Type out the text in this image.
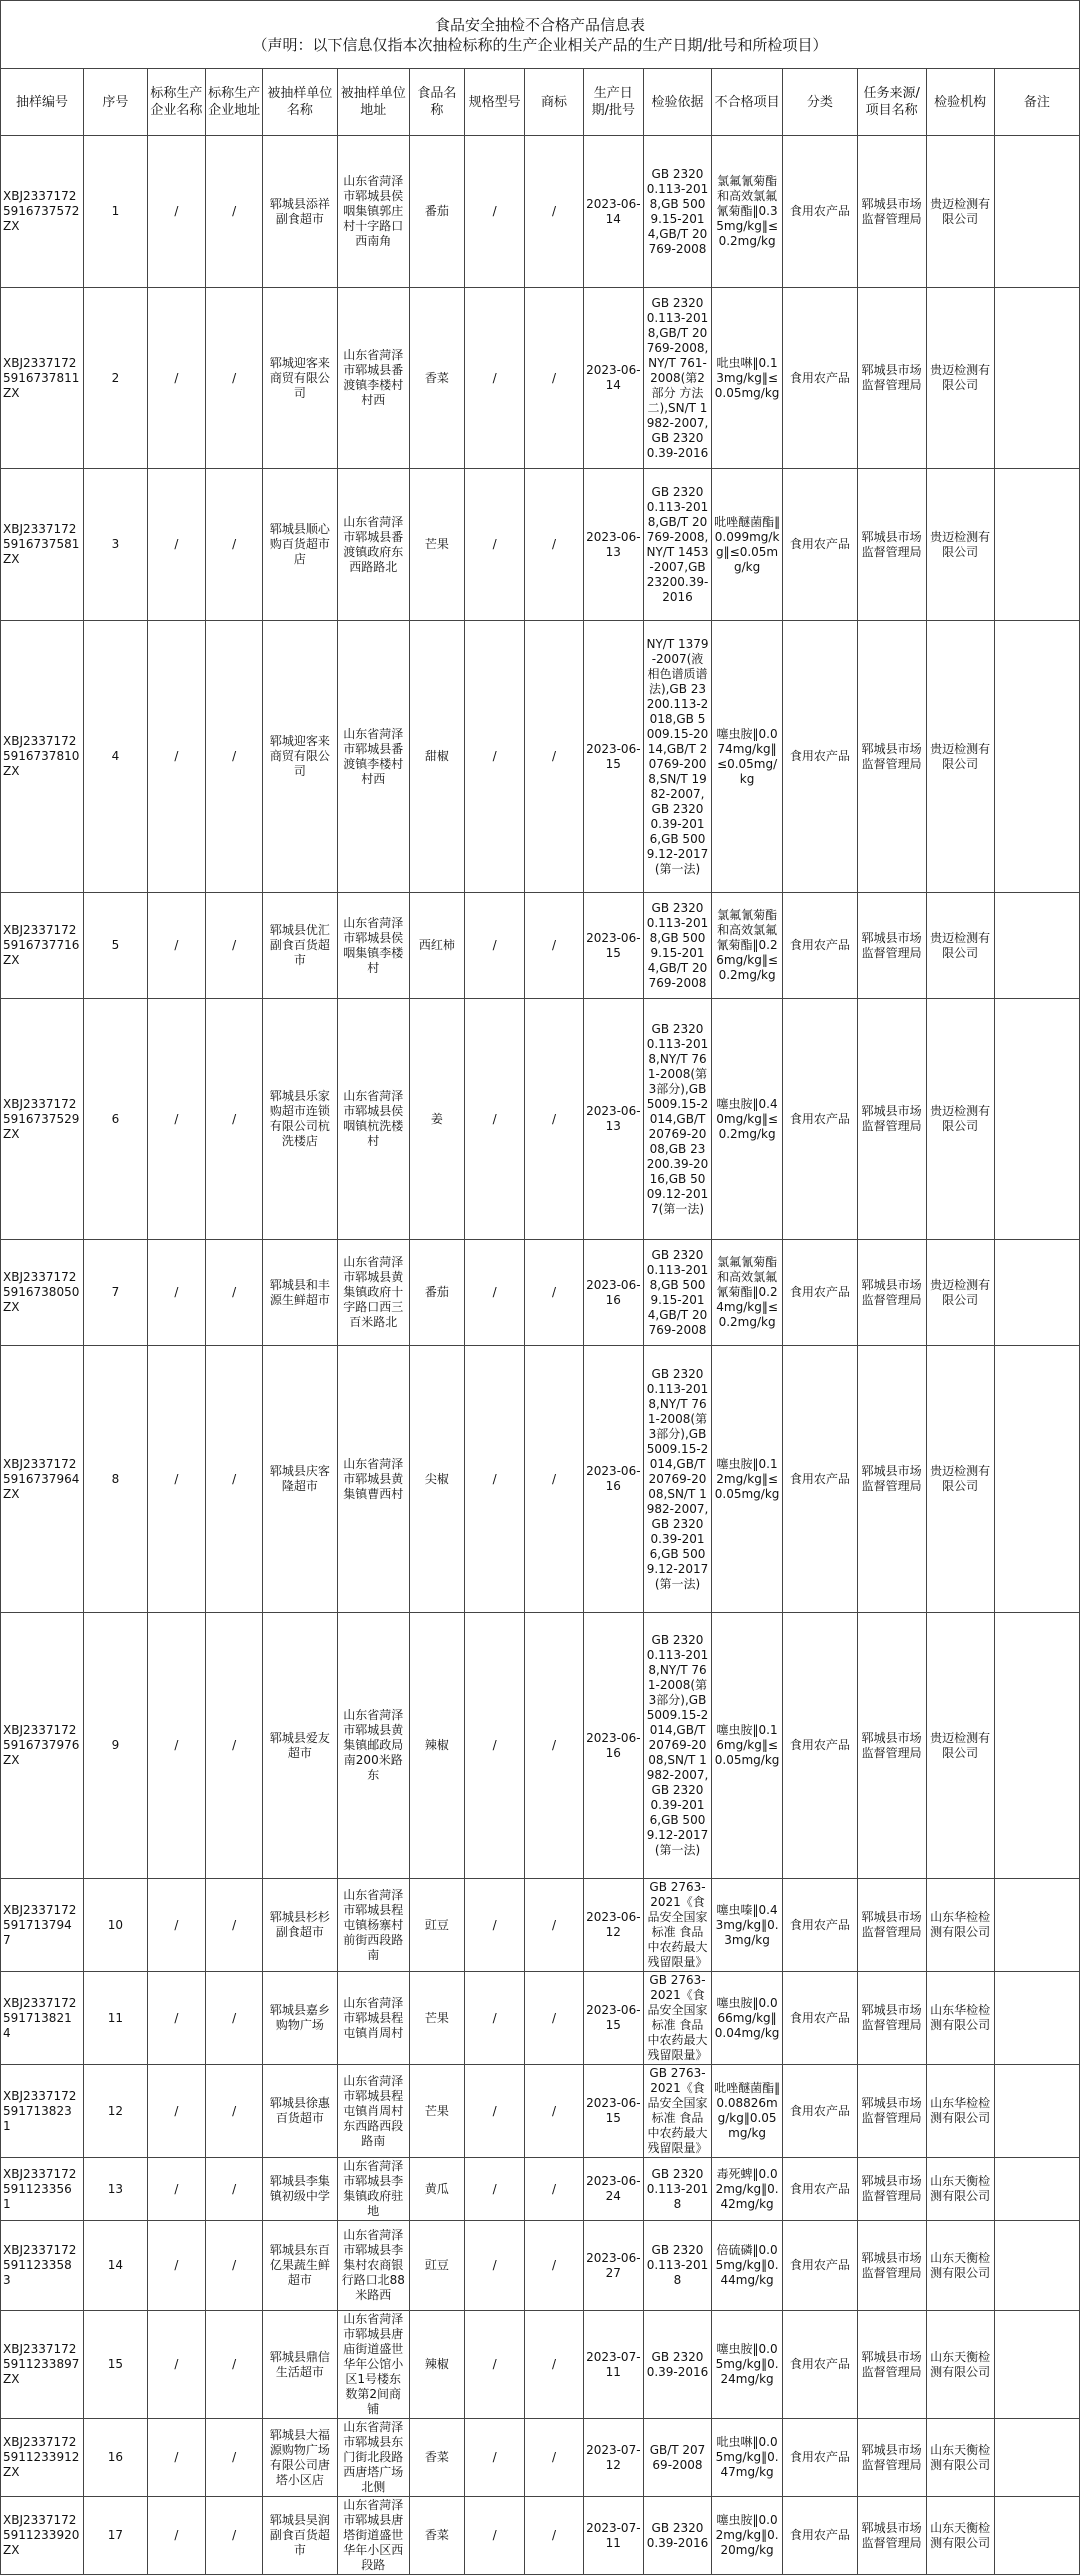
食品安全抽检不合格产品信息表
（声明：以下信息仅指本次抽检标称的生产企业相关产品的生产日期/批号和所检项目）
抽样编号	序号	标称生产企业名称	标称生产企业地址	被抽样单位名称	被抽样单位地址	食品名称	规格型号	商标	生产日期/批号	检验依据	不合格项目	分类	任务来源/项目名称	检验机构	备注
XBJ23371725916737572ZX	1	/	/	郓城县添祥副食超市	山东省菏泽市郓城县侯咽集镇郭庄村十字路口西南角	番茄	/	/	2023-06-14	GB 23200.113-2018,GB 5009.15-2014,GB/T 20769-2008	氯氟氰菊酯和高效氯氟氰菊酯‖0.35mg/kg‖≤0.2mg/kg	食用农产品	郓城县市场监督管理局	贵迈检测有限公司	
XBJ23371725916737811ZX	2	/	/	郓城迎客来商贸有限公司	山东省菏泽市郓城县番渡镇李楼村村西	香菜	/	/	2023-06-14	GB 23200.113-2018,GB/T 20769-2008,NY/T 761-2008(第2部分 方法二),SN/T 1982-2007,GB 23200.39-2016	吡虫啉‖0.13mg/kg‖≤0.05mg/kg	食用农产品	郓城县市场监督管理局	贵迈检测有限公司	
XBJ23371725916737581ZX	3	/	/	郓城县顺心购百货超市店	山东省菏泽市郓城县番渡镇政府东西路路北	芒果	/	/	2023-06-13	GB 23200.113-2018,GB/T 20769-2008,NY/T 1453-2007,GB 23200.39-2016	吡唑醚菌酯‖0.099mg/kg‖≤0.05mg/kg	食用农产品	郓城县市场监督管理局	贵迈检测有限公司	
XBJ23371725916737810ZX	4	/	/	郓城迎客来商贸有限公司	山东省菏泽市郓城县番渡镇李楼村村西	甜椒	/	/	2023-06-15	NY/T 1379-2007(液相色谱质谱法),GB 23200.113-2018,GB 5009.15-2014,GB/T 20769-2008,SN/T 1982-2007,GB 23200.39-2016,GB 5009.12-2017(第一法)	噻虫胺‖0.074mg/kg‖≤0.05mg/kg	食用农产品	郓城县市场监督管理局	贵迈检测有限公司	
XBJ23371725916737716ZX	5	/	/	郓城县优汇副食百货超市	山东省菏泽市郓城县侯咽集镇李楼村	西红柿	/	/	2023-06-15	GB 23200.113-2018,GB 5009.15-2014,GB/T 20769-2008	氯氟氰菊酯和高效氯氟氰菊酯‖0.26mg/kg‖≤0.2mg/kg	食用农产品	郓城县市场监督管理局	贵迈检测有限公司	
XBJ23371725916737529ZX	6	/	/	郓城县乐家购超市连锁有限公司杭洗楼店	山东省菏泽市郓城县侯咽镇杭洗楼村	姜	/	/	2023-06-13	GB 23200.113-2018,NY/T 761-2008(第3部分),GB 5009.15-2014,GB/T 20769-2008,GB 23200.39-2016,GB 5009.12-2017(第一法)	噻虫胺‖0.40mg/kg‖≤0.2mg/kg	食用农产品	郓城县市场监督管理局	贵迈检测有限公司	
XBJ23371725916738050ZX	7	/	/	郓城县和丰源生鲜超市	山东省菏泽市郓城县黄集镇政府十字路口西三百米路北	番茄	/	/	2023-06-16	GB 23200.113-2018,GB 5009.15-2014,GB/T 20769-2008	氯氟氰菊酯和高效氯氟氰菊酯‖0.24mg/kg‖≤0.2mg/kg	食用农产品	郓城县市场监督管理局	贵迈检测有限公司	
XBJ23371725916737964ZX	8	/	/	郓城县庆客隆超市	山东省菏泽市郓城县黄集镇曹西村	尖椒	/	/	2023-06-16	GB 23200.113-2018,NY/T 761-2008(第3部分),GB 5009.15-2014,GB/T 20769-2008,SN/T 1982-2007,GB 23200.39-2016,GB 5009.12-2017(第一法)	噻虫胺‖0.12mg/kg‖≤0.05mg/kg	食用农产品	郓城县市场监督管理局	贵迈检测有限公司	
XBJ23371725916737976ZX	9	/	/	郓城县爱友超市	山东省菏泽市郓城县黄集镇邮政局南200米路东	辣椒	/	/	2023-06-16	GB 23200.113-2018,NY/T 761-2008(第3部分),GB 5009.15-2014,GB/T 20769-2008,SN/T 1982-2007,GB 23200.39-2016,GB 5009.12-2017(第一法)	噻虫胺‖0.16mg/kg‖≤0.05mg/kg	食用农产品	郓城县市场监督管理局	贵迈检测有限公司	
XBJ2337172591713794 7	10	/	/	郓城县杉杉副食超市	山东省菏泽市郓城县程屯镇杨寨村前街西段路南	豇豆	/	/	2023-06-12	GB 2763-2021《食品安全国家标准 食品中农药最大残留限量》	噻虫嗪‖0.43mg/kg‖0.3mg/kg	食用农产品	郓城县市场监督管理局	山东华检检测有限公司	
XBJ2337172591713821 4	11	/	/	郓城县嘉乡购物广场	山东省菏泽市郓城县程屯镇肖周村	芒果	/	/	2023-06-15	GB 2763-2021《食品安全国家标准 食品中农药最大残留限量》	噻虫胺‖0.066mg/kg‖0.04mg/kg	食用农产品	郓城县市场监督管理局	山东华检检测有限公司	
XBJ2337172591713823 1	12	/	/	郓城县徐惠百货超市	山东省菏泽市郓城县程屯镇肖周村东西路西段路南	芒果	/	/	2023-06-15	GB 2763-2021《食品安全国家标准 食品中农药最大残留限量》	吡唑醚菌酯‖0.08826mg/kg‖0.05mg/kg	食用农产品	郓城县市场监督管理局	山东华检检测有限公司	
XBJ2337172591123356 1	13	/	/	郓城县李集镇初级中学	山东省菏泽市郓城县李集镇政府驻地	黄瓜	/	/	2023-06-24	GB 23200.113-2018	毒死蜱‖0.02mg/kg‖0.42mg/kg	食用农产品	郓城县市场监督管理局	山东天衡检测有限公司	
XBJ2337172591123358 3	14	/	/	郓城县东百亿果蔬生鲜超市	山东省菏泽市郓城县李集村农商银行路口北88米路西	豇豆	/	/	2023-06-27	GB 23200.113-2018	倍硫磷‖0.05mg/kg‖0.44mg/kg	食用农产品	郓城县市场监督管理局	山东天衡检测有限公司	
XBJ23371725911233897ZX	15	/	/	郓城县鼎信生活超市	山东省菏泽市郓城县唐庙街道盛世华年公馆小区1号楼东数第2间商铺	辣椒	/	/	2023-07-11	GB 23200.39-2016	噻虫胺‖0.05mg/kg‖0.24mg/kg	食用农产品	郓城县市场监督管理局	山东天衡检测有限公司	
XBJ23371725911233912ZX	16	/	/	郓城县大福源购物广场有限公司唐塔小区店	山东省菏泽市郓城县东门街北段路西唐塔广场北侧	香菜	/	/	2023-07-12	GB/T 20769-2008	吡虫啉‖0.05mg/kg‖0.47mg/kg	食用农产品	郓城县市场监督管理局	山东天衡检测有限公司	
XBJ23371725911233920ZX	17	/	/	郓城县昊润副食百货超市	山东省菏泽市郓城县唐塔街道盛世华年小区西段路	香菜	/	/	2023-07-11	GB 23200.39-2016	噻虫胺‖0.02mg/kg‖0.20mg/kg	食用农产品	郓城县市场监督管理局	山东天衡检测有限公司	
